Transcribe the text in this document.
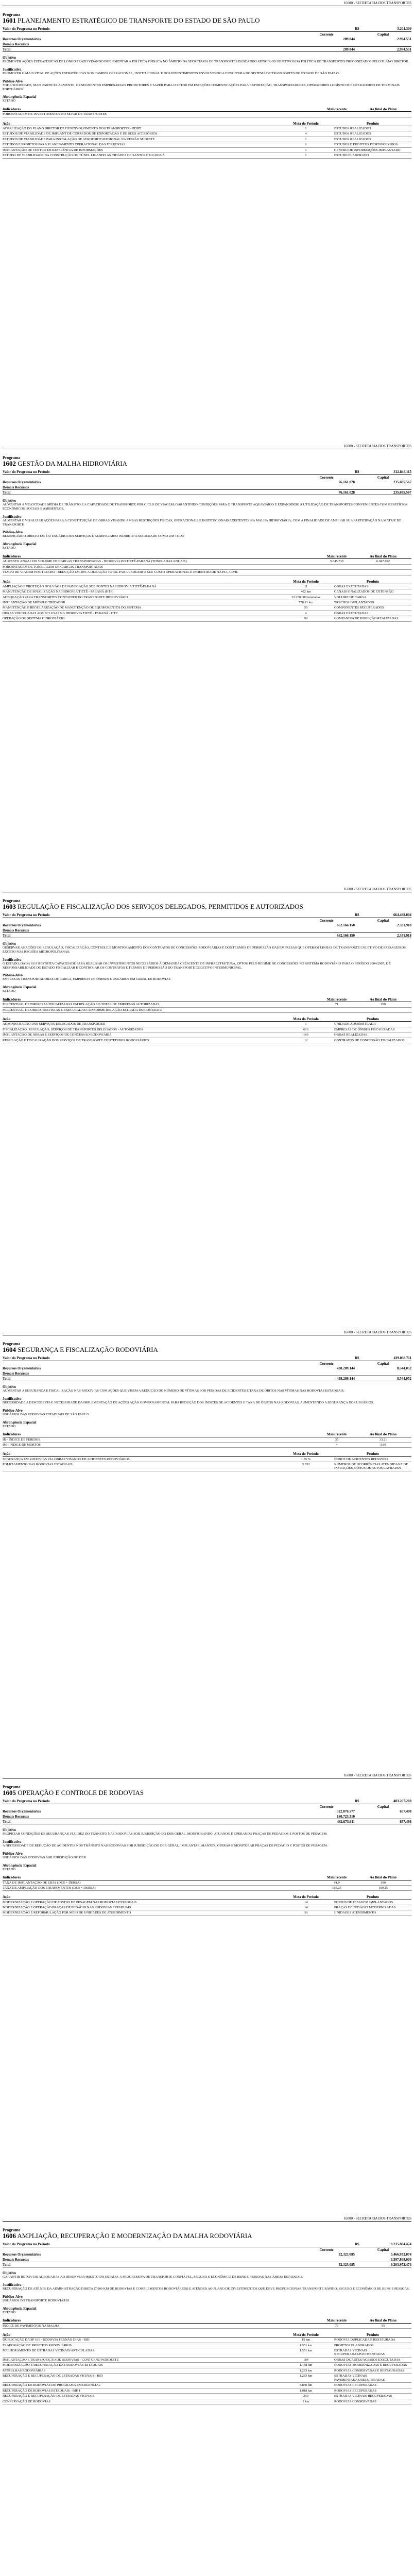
16000 - SECRETARIA DOS TRANSPORTES
Programa
1601 PLANEJAMENTO ESTRATÉGICO DE TRANSPORTE DO ESTADO DE SÃO PAULO
Valor do Programa no Período	R$	3.204.300
Corrente	Capital
Recursos Orçamentários	209.844	2.994.551
Demais Recursos
Total	209.844	2.994.551
Objetivo
PROMOVER AÇÕES ESTRATÉGICAS DE LONGO PRAZO VISANDO IMPLEMENTAR A POLÍTICA PÚBLICA NO ÂMBITO DA SECRETARIA DE TRANSPORTES BUSCANDO ATINGIR OS OBJETIVOS DA POLÍTICA DE TRANSPORTES PRECONIZADOS PELO PLANO DIRETOR.
Justificativa
PROMOVER O MAIS VITAL DE AÇÕES ESTRATÉGICAS NOS CAMPOS OPERACIONAL, INSTITUCIONAL E DOS INVESTIMENTOS ENVOLVENDO A ESTRUTURA DO SISTEMA DE TRANSPORTES DO ESTADO DE SÃO PAULO.
Público-Alvo
TODA SOCIEDADE, MAIS PARTICULARMENTE, OS SEGMENTOS EMPRESARIAIS PRODUTORES E SAZER PARA O SETOR EM ESTAÇÕES DOMESTICAÇÕES PARA EXPORTAÇÃO, TRANSPORTADORES, OPERADORES LOGÍSTICOS E OPERADORES DE TERMINAIS PORTUÁRIOS
Abrangência Espacial
ESTADO
Indicadores	Mais recente	Ao final do Plano
PORCENTAGEM DE INVESTIMENTOS NO SETOR DE TRANSPORTES
Ação	Meta do Período	Produto
ATUALIZAÇÃO DO PLANO DIRETOR DE DESENVOLVIMENTO DOS TRANSPORTES - PDDT	1	ESTUDOS REALIZADOS
ESTUDOS DE VIABILIDADE DE IMPLANT DE CORREDOR DE EXPORTAÇÃO E DE SEUS ACESSÓRIOS	4	ESTUDOS REALIZADOS
ESTUDOS DE VIABILIDADE PARA INSTALAÇÃO DE AEROPORTO REGIONAL NA REGIÃO SUDESTE	1	ESTUDOS REALIZADOS
ESTUDOS E PROJETOS PARA PLANEJAMENTO OPERACIONAL DAS FERROVIAS	1	ESTUDOS E PROJETOS DESENVOLVIDOS
IMPLANTAÇÃO DE CENTRO DE REFERÊNCIA DE INFORMAÇÕES	1	CENTRO DE INFORMAÇÕES IMPLANTADO
ESTUDO DE VIABILIDADE DA CONSTRUÇÃO DO TÚNEL LIGANDO AS CIDADES DE SANTOS E GUARUJÁ	1	ESTUDO ELABORADO
16000 - SECRETARIA DOS TRANSPORTES
Programa
1602 GESTÃO DA MALHA HIDROVIÁRIA
Valor do Programa no Período	R$	312.846.115
Corrente	Capital
Recursos Orçamentários	76.161.028	235.685.567
Demais Recursos
Total	76.161.028	235.685.567
Objetivo
AUMENTAR A VELOCIDADE MÉDIA DE TRÂNSITO E A CAPACIDADE DE TRANSPORTE POR CICLO DE VIAGEM, GARANTINDO CONDIÇÕES PARA O TRANSPORTE AQUAVIÁRIO E EXPANDINDO A UTILIZAÇÃO DE TRANSPORTES CONVENIENTES COM BENEFÍCIOS ECONÔMICOS, SOCIAIS E AMBIENTAIS.
Justificativa
AUMENTAR E VIRALIZAR AÇÕES PARA A CONSTITUIÇÃO DE OBRAS VISANDO AMBAS RESTRIÇÕES FÍSICAS, OPERACIONAIS E INSTITUCIONAIS EXISTENTES NA MALHA HIDROVIÁRIA, COM A FINALIDADE DE AMPLIAR SUA PARTICIPAÇÃO NA MATRIZ DE TRANSPORTE
Público-Alvo
BENEFICIÁRIO DIRETO EM É O USUÁRIO DOS SERVIÇOS E BENEFICIÁRIO INDIRETO A SOCIEDADE COMO UM TODO
Abrangência Espacial
ESTADO
Indicadores	Mais recente	Ao final do Plano
AUMENTO ANUAL DO VOLUME DE CARGAS TRANSPORTADAS - HIDROVIA DO TIETÊ-PARANÁ (TONELADAS ANUAIS)	5.645.739	6.947.892
PORCENTAGEM DE TONELAGEM DE CARGAS TRANSPORTADAS
TEMPO DE VIAGEM POR TRECHO - REDUÇÃO EM 20% A DURAÇÃO TOTAL PARA REDUZIR O SEU CUSTO OPERACIONAL E INDENTIDADE NA PIA, CIVIL
Ação	Meta do Período	Produto
AMPLIAÇÃO E PROTEÇÃO DOS VÃOS DE NAVEGAÇÃO SOB PONTES NA HIDROVIA TIETÊ-PARANÁ	11	OBRAS EXECUTADAS
MANUTENÇÃO DE SINALIZAÇÃO NA HIDROVIA TIETÊ - PARANÁ (HTP)	402 km	CANAIS SINALIZADOS DE EXTENSÃO
ADEQUAÇÃO PARA TRANSPORTES CONTAINER DO TRANSPORTE HIDROVIÁRIO	22.250.000 toneladas	VOLUME DE CARGA
IMPLANTAÇÃO DE MÓDULO TRIZADOR	778.81 km	TRECHOS IMPLANTADOS
MANUTENÇÃO E REGULARIZAÇÃO DE MANUTENÇÃO DE EQUIPAMENTOS DO SISTEMA	50	COMPONENTES RECUPERADOS
OBRAS VINCULADAS AOS ECLUSAS NA HIDROVIA TIETÊ - PARANÁ - HTP	4	OBRAS EXECUTADAS
OPERAÇÃO DO SISTEMA HIDROVIÁRIO	90	COMPANHIA DE INSPEÇÃO REALIZADAS
16000 - SECRETARIA DOS TRANSPORTES
Programa
1603 REGULAÇÃO E FISCALIZAÇÃO DOS SERVIÇOS DELEGADOS, PERMITIDOS E AUTORIZADOS
Valor do Programa no Período	R$	664.498.004
Corrente	Capital
Recursos Orçamentários	662.166.150	2.331.918
Demais Recursos
Total	662.166.150	2.331.918
Objetivo
OBSERVAR AS AÇÕES DE REGULAÇÃO, FISCALIZAÇÃO, CONTROLE E MONITORAMENTO DOS CONTRATOS DE CONCESSÕES RODOVIÁRIAS E DOS TERMOS DE PERMISSÃO DAS EMPRESAS QUE OPERAM LINHAS DE TRANSPORTE COLETIVO DE PASSAGEIROS, EXCETO NAS REGIÕES METROPOLITANAS.
Justificativa
O ESTADO, DADA SUA RESTRITA CAPACIDADE PARA REALIZAR OS INVESTIMENTOS NECESSÁRIOS À DEMANDA CRESCENTE DE INFRAESTRUTURA, OPTOU PELO REGIME DE CONCESSÕES NO SISTEMA RODOVIÁRIO PARA O PERÍODO 2004/2007, E É RESPONSABILIDADE DO ESTADO FISCALIZAR E CONTROLAR OS CONTRATOS E TERMOS DE PERMISSÃO DO TRANSPORTE COLETIVO INTERMUNICIPAL.
Público-Alvo
EMPRESAS TRANSPORTADORAS DE CARGA, EMPRESAS DE ÔNIBUS E USUÁRIOS EM GERAL DE RODOVIAS
Abrangência Espacial
ESTADO
Indicadores	Mais recente	Ao final do Plano
PERCENTUAL DE EMPRESAS FISCALIZADAS EM RELAÇÃO AO TOTAL DE EMPRESAS AUTORIZADAS	71	100
PERCENTUAL DE OBRAS PREVISTAS E EXECUTADAS CONFORME RELAÇÃO ESTRADA DO CONTRATO
Ação	Meta do Período	Produto
ADMINISTRAÇÃO DOS SERVIÇOS DELEGADOS DE TRANSPORTES	1	UNIDADE ADMINISTRADA
FISCALIZAÇÃO, REGULAÇÃO, SERVIÇOS DE TRANSPORTES DELEGADOS - AUTORIZADOS	613	EMPRESAS DE ÔNIBUS FISCALIZADAS
IMPLANTAÇÃO DE OBRAS E SERVIÇOS DE CONCESSÃO RODOVIÁRIA	160	OBRAS REALIZADAS
REGULAÇÃO E FISCALIZAÇÃO DOS SERVIÇOS DE TRANSPORTE CONCEDIDOS RODOVIÁRIOS	12	CONTRATOS DE CONCESSÃO FISCALIZADOS
16000 - SECRETARIA DOS TRANSPORTES
Programa
1604 SEGURANÇA E FISCALIZAÇÃO RODOVIÁRIA
Valor do Programa no Período	R$	439.038.711
Corrente	Capital
Recursos Orçamentários	438.209.144	8.544.052
Demais Recursos
Total	438.209.144	8.544.052
Objetivo
AUMENTAR A SEGURANÇA E FISCALIZAÇÃO NAS RODOVIAS COM AÇÕES QUE VISEM A REDUÇÃO DO NÚMERO DE VÍTIMAS POR PESSOAS DE ACIDENTES E TAXA DE ÓBITOS NAS VÍTIMAS NAS RODOVIAS ESTADUAIS.
Justificativa
NECESSIDADE A DESCOBERTA E NECESSIDADE DA IMPLEMENTAÇÃO DE AÇÕES AÇÃO GOVERNAMENTAL PARA REDUÇÃO DOS ÍNDICES DE ACIDENTES E TAXA DE ÓBITOS NAS RODOVIAS, AUMENTANDO A SEGURANÇA DOS USUÁRIOS.
Público-Alvo
USUÁRIOS DAS RODOVIAS ESTADUAIS DE SÃO PAULO
Abrangência Espacial
ESTADO
Indicadores	Mais recente	Ao final do Plano
IR - ÍNDICE DE FERIDOS	35	33.21
IM - ÍNDICE DE MORTOS	4	3.99
Ação	Meta do Período	Produto
SEGURANÇA EM RODOVIAS VIA OBRAS VISANDO DE ACIDENTES RODOVIÁRIOS	1.85 %	ÍNDICE DE ACIDENTES REDUZIDO
POLICIAMENTO NAS RODOVIAS ESTADUAIS	3.932	NÚMEROS DE OCORRÊNCIAS ATENDIDAS E DE INFRAÇÕES E ÔNUS DE AUTOS LAVRADOS
16000 - SECRETARIA DOS TRANSPORTES
Programa
1605 OPERAÇÃO E CONTROLE DE RODOVIAS
Valor do Programa no Período	R$	483.267.269
Corrente	Capital
Recursos Orçamentários	322.876.577	657.498
Demais Recursos	160.723.310
Total	482.673.911	657.498
Objetivo
PROPICIAR CONDIÇÕES DE SEGURANÇA E FLUIDEZ DO TRÂNSITO NAS RODOVIAS SOB JURISDIÇÃO DO DER GERAL, MONITORANDO, ATUANDO E OPERANDO PRAÇAS DE PEDÁGIOS E POSTOS DE PESAGEM.
Justificativa
A NECESSIDADE DE REDUÇÃO DE ACIDENTES NOS TRÂNSITO NAS RODOVIAS SOB JURISDIÇÃO DO DER GERAL, IMPLANTAR, MANTER, OPERAR E MONITORAR PRAÇAS DE PEDÁGIO E POSTOS DE PESAGEM.
Público-Alvo
USUÁRIOS DAS RODOVIAS SOB JURISDIÇÃO DO DER
Abrangência Espacial
ESTADO
Indicadores	Mais recente	Ao final do Plano
TAXA DE IMPLANTAÇÃO DE EBAS (DER + DERSA)	91,9	100
TAXA DE AMPLIAÇÃO DOS EQUIPAMENTOS (DER + DERSA)	103,25	100,25
Ação	Meta do Período	Produto
MODERNIZAÇÃO E OPERAÇÃO DE POSTOS DE PESAGEM NAS RODOVIAS ESTADUAIS	14	POSTOS DE PESAGEM IMPLANTADOS
MODERNIZAÇÃO E OPERAÇÃO PRAÇAS DE PEDÁGIO NAS RODOVIAS ESTADUAIS	14	PRAÇAS DE PEDÁGIO MODERNIZADAS
MODERNIZAÇÃO E REFORMULAÇÃO POR MEIO DE UNIDADES DE ATENDIMENTO	30	UNIDADES ATENDIMENTO
16000 - SECRETARIA DOS TRANSPORTES
Programa
1606 AMPLIAÇÃO, RECUPERAÇÃO E MODERNIZAÇÃO DA MALHA RODOVIÁRIA
Valor do Programa no Período	R$	9.215.804.474
Corrente	Capital
Recursos Orçamentários	32.323.085	5.466.972.074
Demais Recursos	3.597.868.000
Total	32.323.085	9.203.972.474
Objetivo
GARANTIR RODOVIAS ADEQUADAS AO DESENVOLVIMENTO DO ESTADO, A PROGRESSIVA DE TRANSPORTE CONFIÁVEL, SEGURO E ECONÔMICO DE BENS E PESSOAS NAS ÁREAS ESTADUAIS.
Justificativa
RECUPERAÇÃO DE ATÉ 50% DA ADMINISTRAÇÃO DIRETA (7.000 KM DE RODOVIAS E COMPLEMENTOS RODOVIÁRIOS) E ATENDER AO PLANO DE INVESTIMENTOS QUE DEVE PROPORCIONAR TRANSPORTE RÁPIDO, SEGURO E ECONÔMICO DE BENS E PESSOAS.
Público-Alvo
USUÁRIOS DO TRANSPORTE RODOVIÁRIO
Abrangência Espacial
ESTADO
Indicadores	Mais recente	Ao final do Plano
ÍNDICE DE PAVIMENTOS NA MALHA	79	95
Ação	Meta do Período	Produto
DUPLICAÇÃO DA SP 101 - RODOVIA FERNÃO DIAS - BID	15 km	RODOVIA DUPLICADA E RESTAURADA
ELABORAÇÃO DE PROJETOS RODOVIÁRIOS	1.551 km	PROJETOS ELABORADOS
MELHORAMENTO DE ESTRADAS VICINAIS/ARTICULADAS	1.551 km	ESTRADAS VICINAIS RECUPERADAS/PAVIMENTADAS
IMPLANTAÇÃO E TRANSPOSIÇÃO DE RODOVIAS - CONTORNO NORDESTE	184	OBRAS DE ARTES/ACESSOS EXECUTADAS
MODERNIZAÇÃO E RECUPERAÇÃO DAS RODOVIAS ESTADUAIS	1.158 km	RODOVIAS MODERNIZADAS E RECUPERADAS
PATRULHAS RODOVIÁRIAS	1.283 km	RODOVIAS CONSERVADAS E RESTAURADAS
RECUPERAÇÃO E RECUPERAÇÃO DE ESTRADAS VICINAIS - BID	1.283 km	ESTRADAS VICINAIS PAVIMENTADAS/RECUPERADAS
RECUPERAÇÃO DE RODOVIAS DO PROGRAMA EMERGENCIAL	5.850 km	RODOVIAS RECUPERADAS
RECUPERAÇÃO DE RODOVIAS ESTADUAIS - BID I	1.018 km	RODOVIAS RECUPERADAS
RECUPERAÇÃO E RECUPERAÇÃO DE ESTRADAS VICINAIS	250	ESTRADAS VICINAIS RECUPERADAS
CONSERVAÇÃO DE RODOVIAS	1 km	RODOVIAS CONSERVADAS
